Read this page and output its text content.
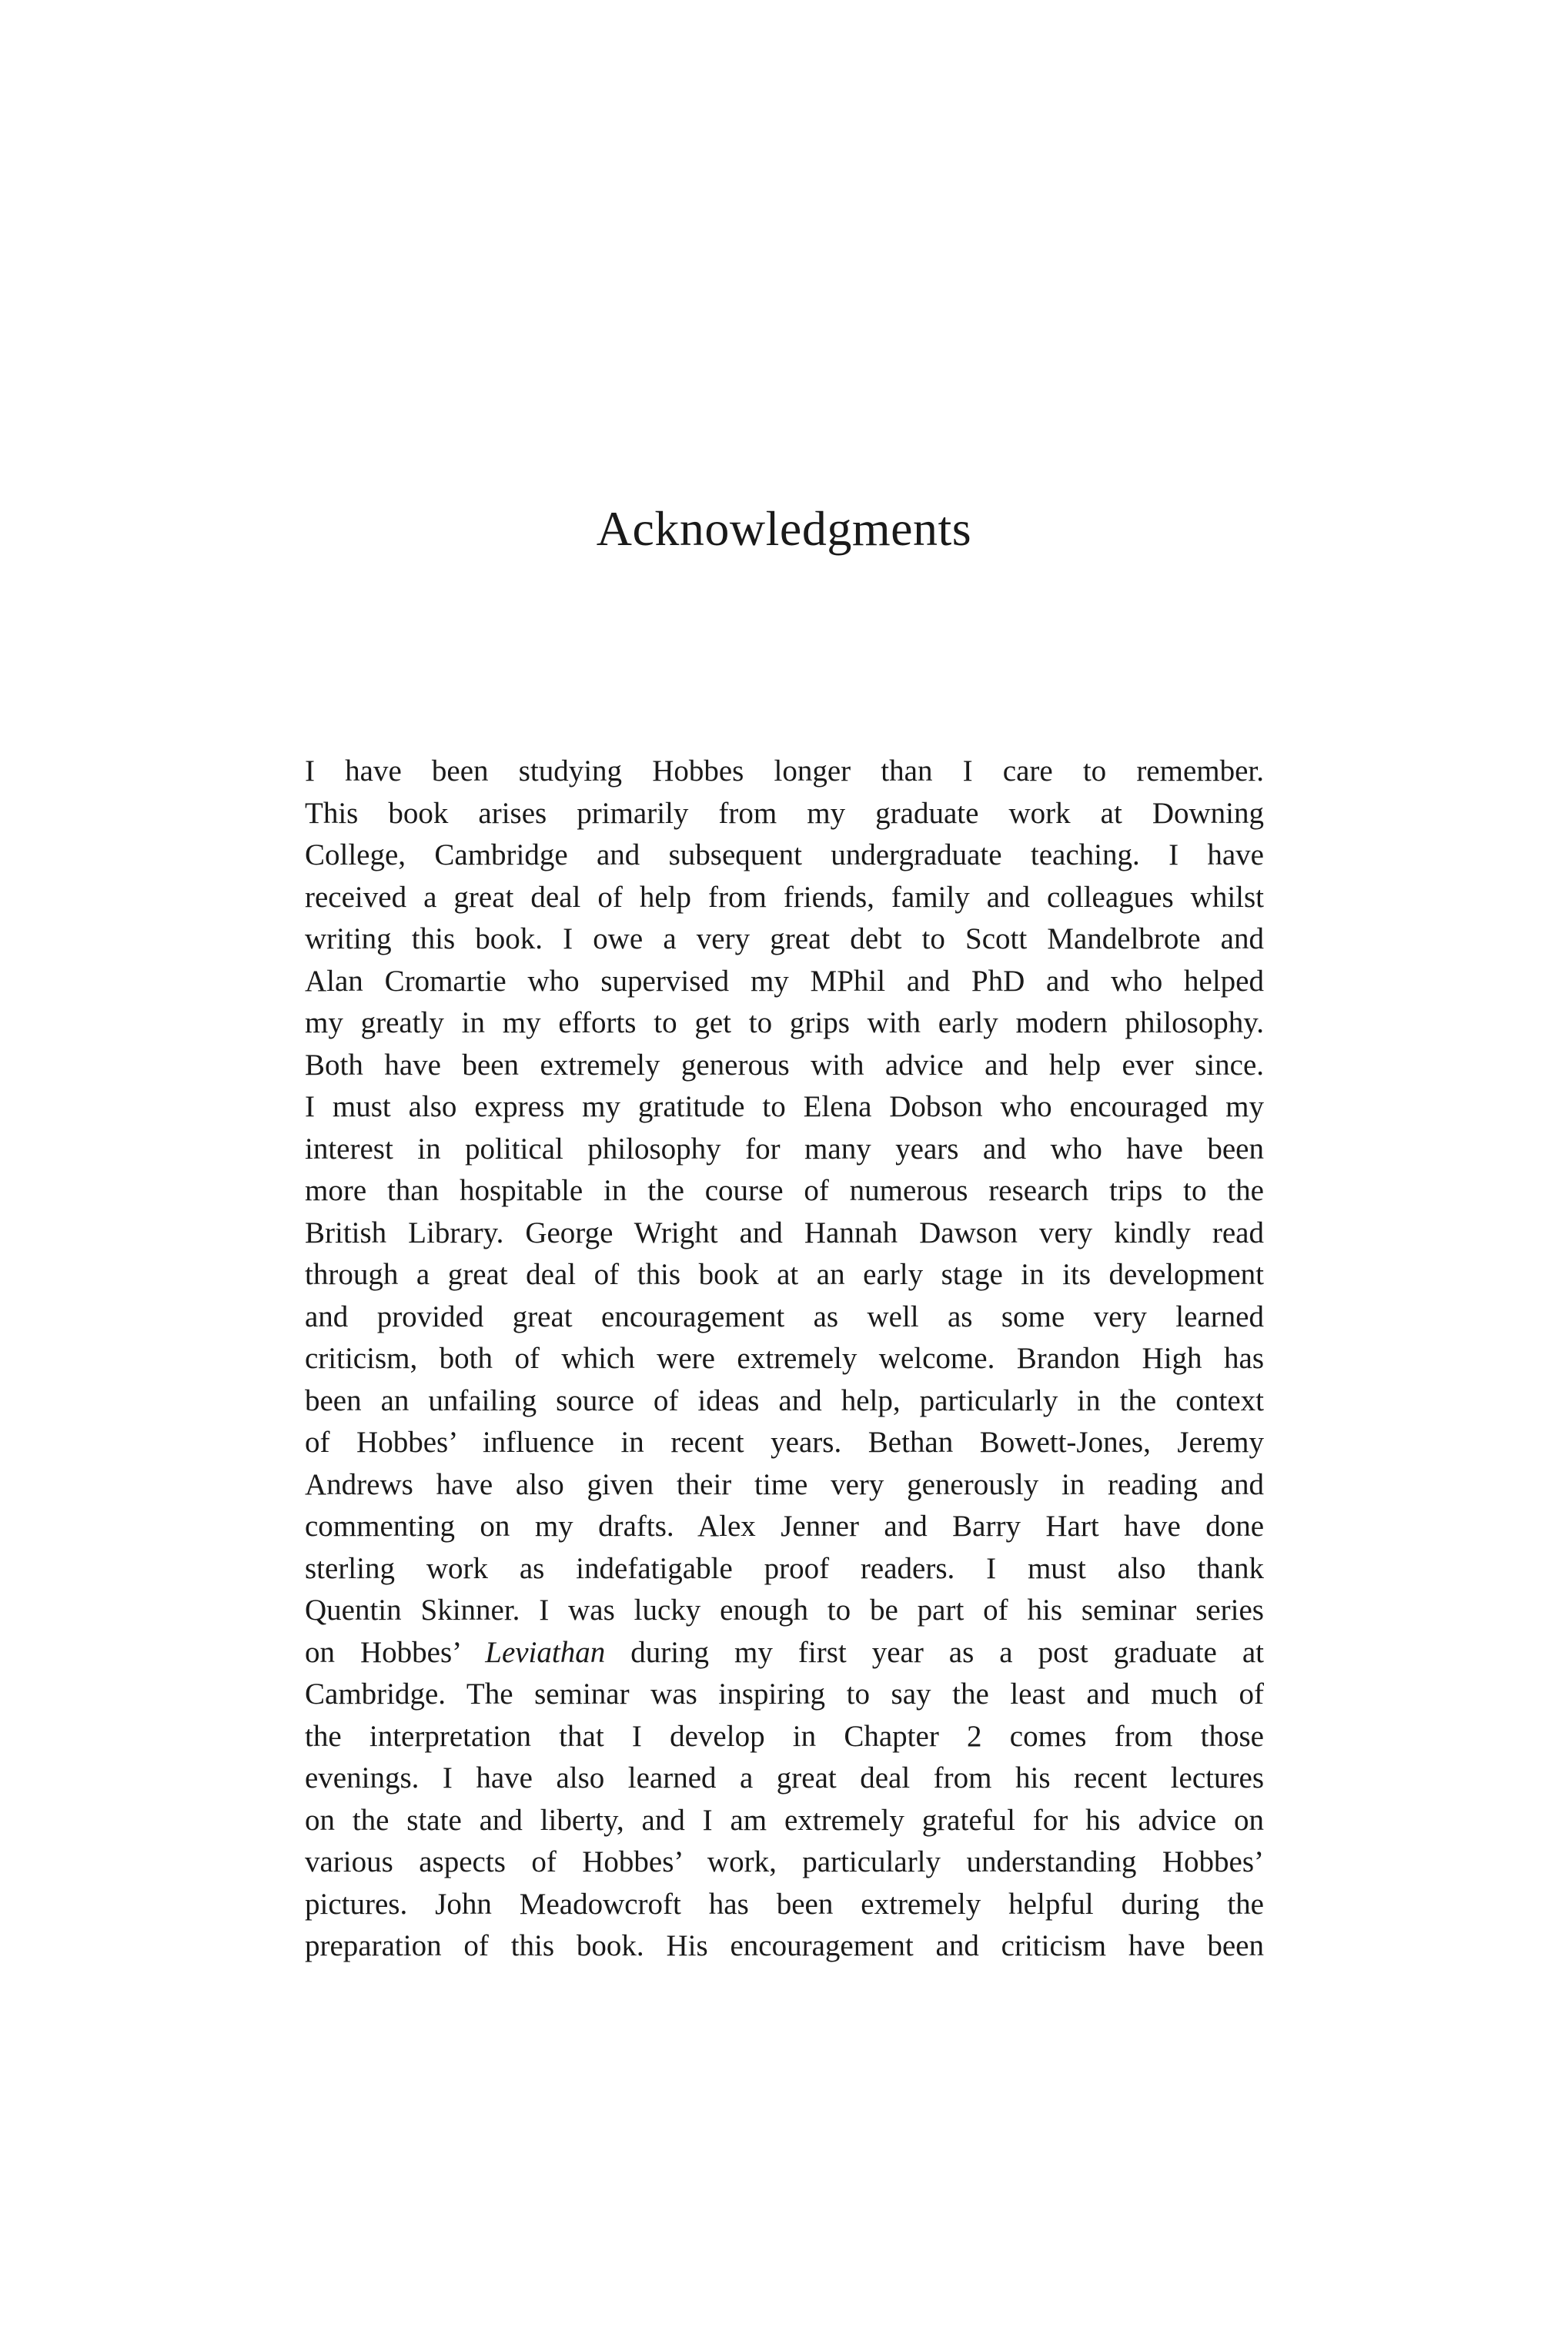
Acknowledgments
I have been studying Hobbes longer than I care to remember.
This book arises primarily from my graduate work at Downing
College, Cambridge and subsequent undergraduate teaching. I have
received a great deal of help from friends, family and colleagues whilst
writing this book. I owe a very great debt to Scott Mandelbrote and
Alan Cromartie who supervised my MPhil and PhD and who helped
my greatly in my efforts to get to grips with early modern philosophy.
Both have been extremely generous with advice and help ever since.
I must also express my gratitude to Elena Dobson who encouraged my
interest in political philosophy for many years and who have been
more than hospitable in the course of numerous research trips to the
British Library. George Wright and Hannah Dawson very kindly read
through a great deal of this book at an early stage in its development
and provided great encouragement as well as some very learned
criticism, both of which were extremely welcome. Brandon High has
been an unfailing source of ideas and help, particularly in the context
of Hobbes’ influence in recent years. Bethan Bowett-Jones, Jeremy
Andrews have also given their time very generously in reading and
commenting on my drafts. Alex Jenner and Barry Hart have done
sterling work as indefatigable proof readers. I must also thank
Quentin Skinner. I was lucky enough to be part of his seminar series
on Hobbes’ Leviathan during my first year as a post graduate at
Cambridge. The seminar was inspiring to say the least and much of
the interpretation that I develop in Chapter 2 comes from those
evenings. I have also learned a great deal from his recent lectures
on the state and liberty, and I am extremely grateful for his advice on
various aspects of Hobbes’ work, particularly understanding Hobbes’
pictures. John Meadowcroft has been extremely helpful during the
preparation of this book. His encouragement and criticism have been
